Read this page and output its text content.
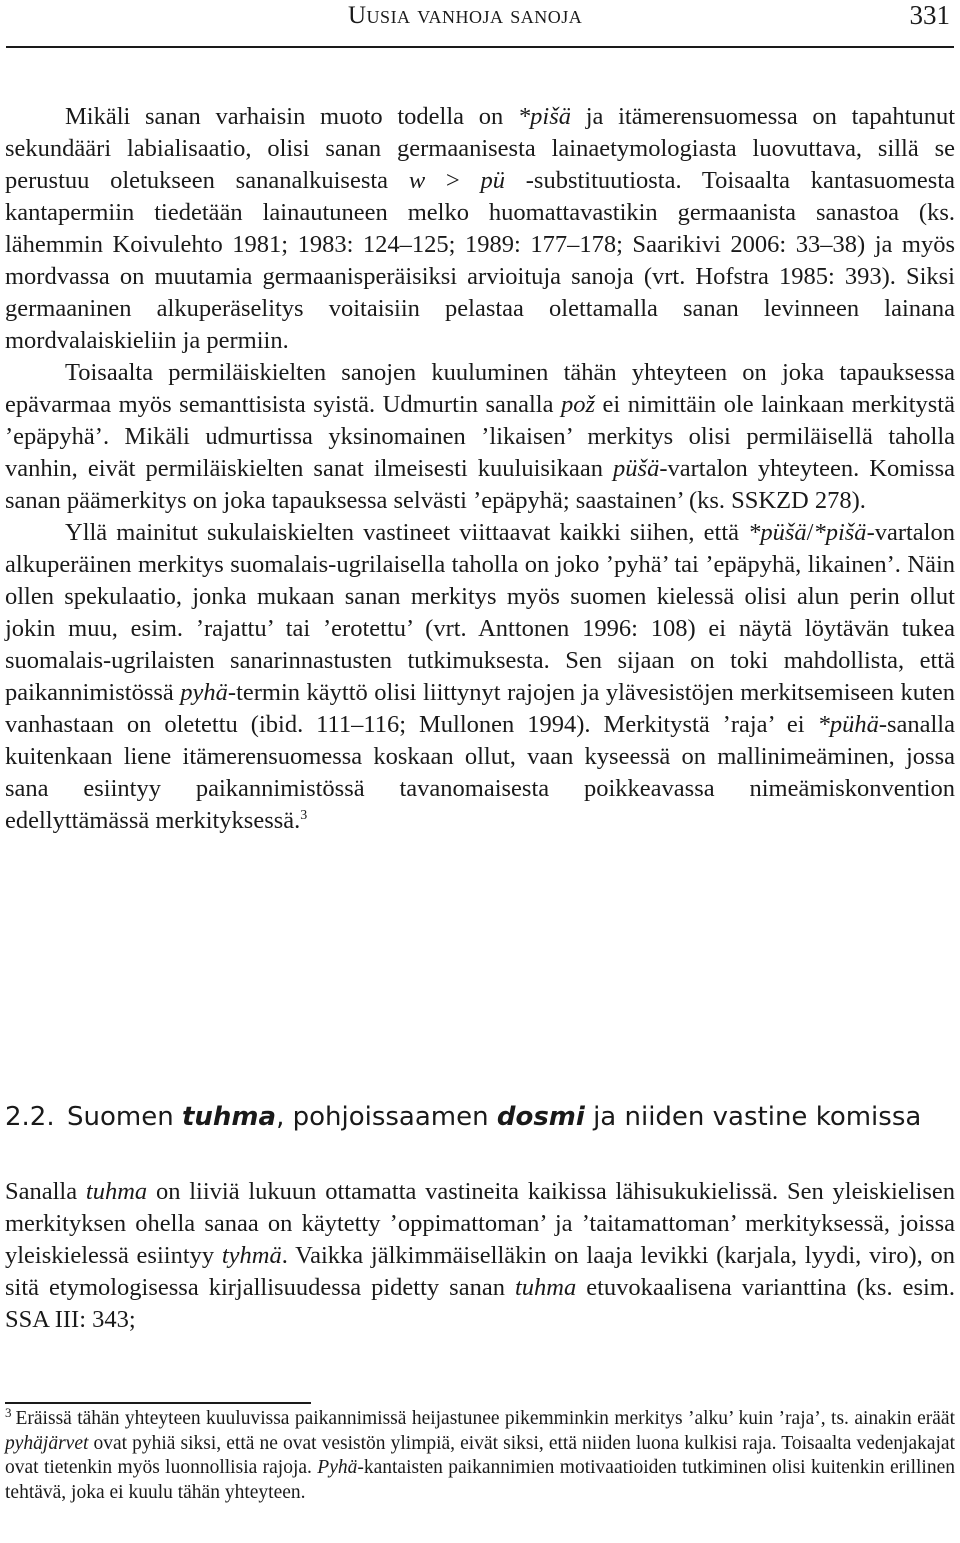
Uusia vanhoja sanoja	331

Mikäli sanan varhaisin muoto todella on *pišä ja itämerensuomessa on tapahtunut sekundääri labialisaatio, olisi sanan germaanisesta lainaetymologiasta luovuttava, sillä se perustuu oletukseen sananalkuisesta w > pü -substituutiosta. Toisaalta kantasuomesta kantapermiin tiedetään lainautuneen melko huomattavastikin germaanista sanastoa (ks. lähemmin Koivulehto 1981; 1983: 124–125; 1989: 177–178; Saarikivi 2006: 33–38) ja myös mordvassa on muutamia germaanisperäisiksi arvioituja sanoja (vrt. Hofstra 1985: 393). Siksi germaaninen alkuperäselitys voitaisiin pelastaa olettamalla sanan levinneen lainana mordvalaiskieliin ja permiin.

Toisaalta permiläiskielten sanojen kuuluminen tähän yhteyteen on joka tapauksessa epävarmaa myös semanttisista syistä. Udmurtin sanalla pož ei nimittäin ole lainkaan merkitystä ’epäpyhä’. Mikäli udmurtissa yksinomainen ’likaisen’ merkitys olisi permiläisellä taholla vanhin, eivät permiläiskielten sanat ilmeisesti kuuluisikaan püšä-vartalon yhteyteen. Komissa sanan päämerkitys on joka tapauksessa selvästi ’epäpyhä; saastainen’ (ks. SSKZD 278).

Yllä mainitut sukulaiskielten vastineet viittaavat kaikki siihen, että *püšä/*pišä-vartalon alkuperäinen merkitys suomalais-ugrilaisella taholla on joko ’pyhä’ tai ’epäpyhä, likainen’. Näin ollen spekulaatio, jonka mukaan sanan merkitys myös suomen kielessä olisi alun perin ollut jokin muu, esim. ’rajattu’ tai ’erotettu’ (vrt. Anttonen 1996: 108) ei näytä löytävän tukea suomalais-ugrilaisten sanarinnastusten tutkimuksesta. Sen sijaan on toki mahdollista, että paikannimistössä pyhä-termin käyttö olisi liittynyt rajojen ja ylävesistöjen merkitsemiseen kuten vanhastaan on oletettu (ibid. 111–116; Mullonen 1994). Merkitystä ’raja’ ei *pühä-sanalla kuitenkaan liene itämerensuomessa koskaan ollut, vaan kyseessä on mallinimeäminen, jossa sana esiintyy paikannimistössä tavanomaisesta poikkeavassa nimeämiskonvention edellyttämässä merkityksessä.$^3$

2.2. Suomen tuhma, pohjoissaamen dosmi ja niiden vastine komissa

Sanalla tuhma on liiviä lukuun ottamatta vastineita kaikissa lähisukukielissä. Sen yleiskielisen merkityksen ohella sanaa on käytetty ’oppimattoman’ ja ’taitamattoman’ merkityksessä, joissa yleiskielessä esiintyy tyhmä. Vaikka jälkimmäiselläkin on laaja levikki (karjala, lyydi, viro), on sitä etymologisessa kirjallisuudessa pidetty sanan tuhma etuvokaalisena varianttina (ks. esim. SSA III: 343;

$^3$ Eräissä tähän yhteyteen kuuluvissa paikannimissä heijastunee pikemminkin merkitys ’alku’ kuin ’raja’, ts. ainakin eräät pyhäjärvet ovat pyhiä siksi, että ne ovat vesistön ylimpiä, eivät siksi, että niiden luona kulkisi raja. Toisaalta vedenjakajat ovat tietenkin myös luonnollisia rajoja. Pyhä-kantaisten paikannimien motivaatioiden tutkiminen olisi kuitenkin erillinen tehtävä, joka ei kuulu tähän yhteyteen.
